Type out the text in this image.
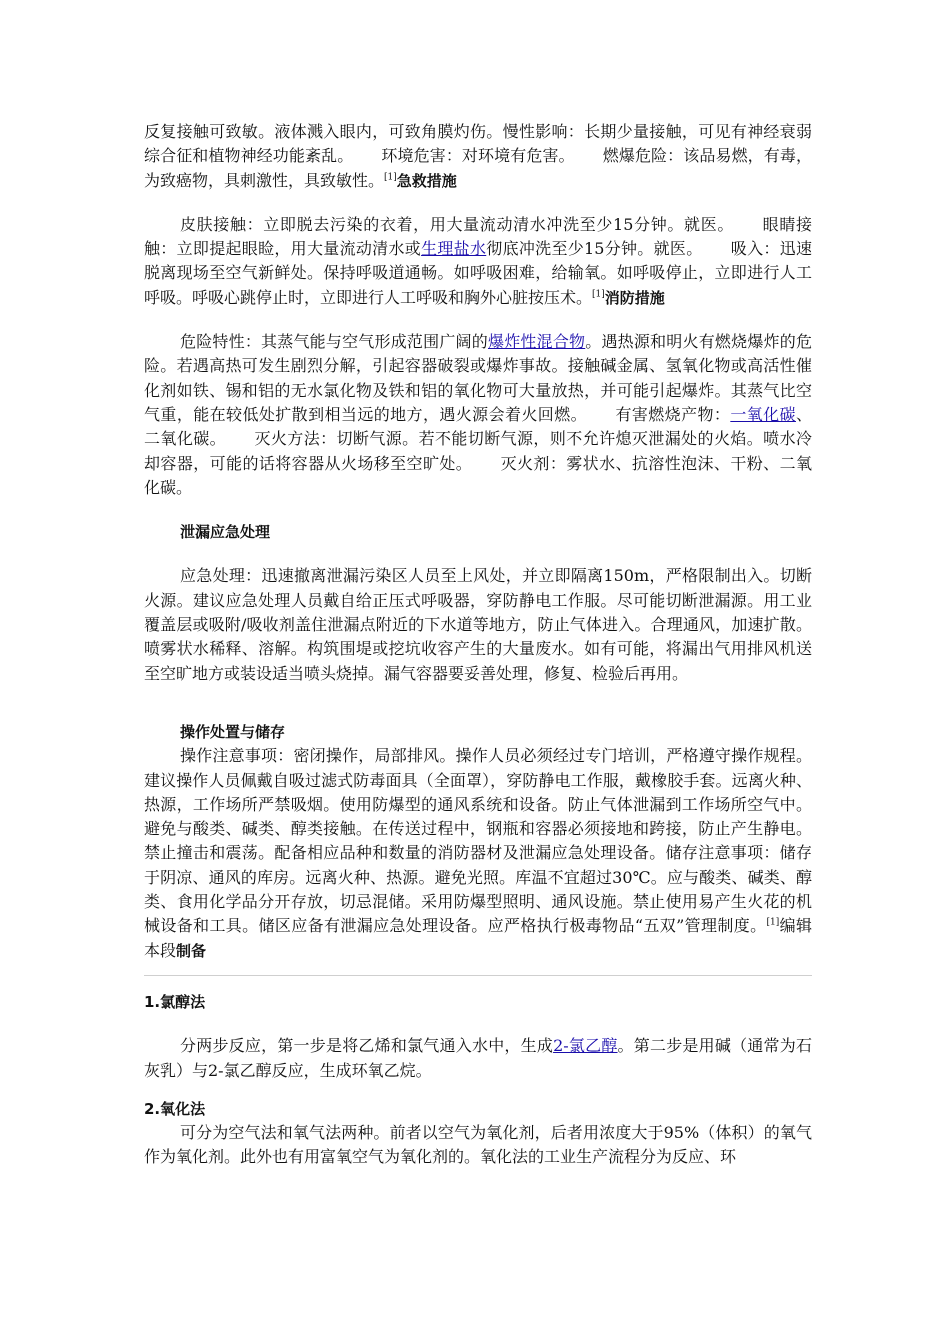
反复接触可致敏。液体溅入眼内，可致角膜灼伤。慢性影响：长期少量接触，可见有神经衰弱综合征和植物神经功能紊乱。 环境危害：对环境有危害。 燃爆危险：该品易燃，有毒，为致癌物，具刺激性，具致敏性。[1]急救措施

皮肤接触：立即脱去污染的衣着，用大量流动清水冲洗至少15分钟。就医。 眼睛接触：立即提起眼睑，用大量流动清水或生理盐水彻底冲洗至少15分钟。就医。 吸入：迅速脱离现场至空气新鲜处。保持呼吸道通畅。如呼吸困难，给输氧。如呼吸停止，立即进行人工呼吸。呼吸心跳停止时，立即进行人工呼吸和胸外心脏按压术。[1]消防措施

危险特性：其蒸气能与空气形成范围广阔的爆炸性混合物。遇热源和明火有燃烧爆炸的危险。若遇高热可发生剧烈分解，引起容器破裂或爆炸事故。接触碱金属、氢氧化物或高活性催化剂如铁、锡和铝的无水氯化物及铁和铝的氧化物可大量放热，并可能引起爆炸。其蒸气比空气重，能在较低处扩散到相当远的地方，遇火源会着火回燃。 有害燃烧产物：一氧化碳、二氧化碳。 灭火方法：切断气源。若不能切断气源，则不允许熄灭泄漏处的火焰。喷水冷却容器，可能的话将容器从火场移至空旷处。 灭火剂：雾状水、抗溶性泡沫、干粉、二氧化碳。

泄漏应急处理

应急处理：迅速撤离泄漏污染区人员至上风处，并立即隔离150m，严格限制出入。切断火源。建议应急处理人员戴自给正压式呼吸器，穿防静电工作服。尽可能切断泄漏源。用工业覆盖层或吸附/吸收剂盖住泄漏点附近的下水道等地方，防止气体进入。合理通风，加速扩散。喷雾状水稀释、溶解。构筑围堤或挖坑收容产生的大量废水。如有可能，将漏出气用排风机送至空旷地方或装设适当喷头烧掉。漏气容器要妥善处理，修复、检验后再用。

操作处置与储存

操作注意事项：密闭操作，局部排风。操作人员必须经过专门培训，严格遵守操作规程。建议操作人员佩戴自吸过滤式防毒面具（全面罩），穿防静电工作服，戴橡胶手套。远离火种、热源，工作场所严禁吸烟。使用防爆型的通风系统和设备。防止气体泄漏到工作场所空气中。避免与酸类、碱类、醇类接触。在传送过程中，钢瓶和容器必须接地和跨接，防止产生静电。禁止撞击和震荡。配备相应品种和数量的消防器材及泄漏应急处理设备。储存注意事项：储存于阴凉、通风的库房。远离火种、热源。避免光照。库温不宜超过30℃。应与酸类、碱类、醇类、食用化学品分开存放，切忌混储。采用防爆型照明、通风设施。禁止使用易产生火花的机械设备和工具。储区应备有泄漏应急处理设备。应严格执行极毒物品“五双”管理制度。[1]编辑本段制备

1.氯醇法

分两步反应，第一步是将乙烯和氯气通入水中，生成2-氯乙醇。第二步是用碱（通常为石灰乳）与2-氯乙醇反应，生成环氧乙烷。

2.氧化法

可分为空气法和氧气法两种。前者以空气为氧化剂，后者用浓度大于95%（体积）的氧气作为氧化剂。此外也有用富氧空气为氧化剂的。氧化法的工业生产流程分为反应、环
